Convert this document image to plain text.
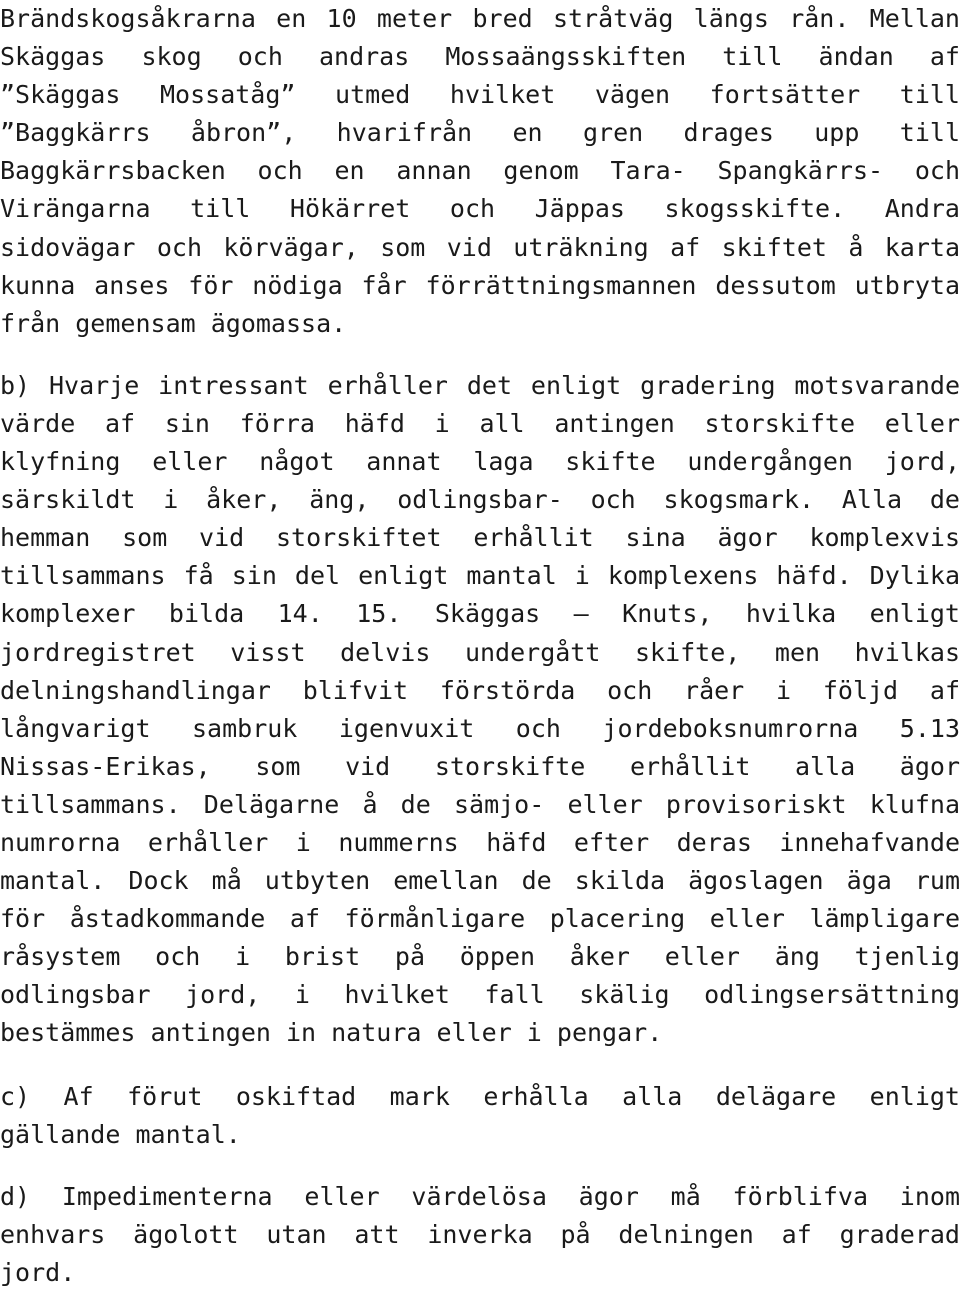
Brändskogsåkrarna en 10 meter bred stråtväg längs rån. Mellan
Skäggas skog och andras Mossaängsskiften till ändan af
”Skäggas Mossatåg” utmed hvilket vägen fortsätter till
”Baggkärrs åbron”, hvarifrån en gren drages upp till
Baggkärrsbacken och en annan genom Tara- Spangkärrs- och
Virängarna till Hökärret och Jäppas skogsskifte. Andra
sidovägar och körvägar, som vid uträkning af skiftet å karta
kunna anses för nödiga får förrättningsmannen dessutom utbryta
från gemensam ägomassa.
b) Hvarje intressant erhåller det enligt gradering motsvarande
värde af sin förra häfd i all antingen storskifte eller
klyfning eller något annat laga skifte undergången jord,
särskildt i åker, äng, odlingsbar- och skogsmark. Alla de
hemman som vid storskiftet erhållit sina ägor komplexvis
tillsammans få sin del enligt mantal i komplexens häfd. Dylika
komplexer bilda 14. 15. Skäggas — Knuts, hvilka enligt
jordregistret visst delvis undergått skifte, men hvilkas
delningshandlingar blifvit förstörda och råer i följd af
långvarigt sambruk igenvuxit och jordeboksnumrorna 5.13
Nissas-Erikas, som vid storskifte erhållit alla ägor
tillsammans. Delägarne å de sämjo- eller provisoriskt klufna
numrorna erhåller i nummerns häfd efter deras innehafvande
mantal. Dock må utbyten emellan de skilda ägoslagen äga rum
för åstadkommande af förmånligare placering eller lämpligare
råsystem och i brist på öppen åker eller äng tjenlig
odlingsbar jord, i hvilket fall skälig odlingsersättning
bestämmes antingen in natura eller i pengar.
c) Af förut oskiftad mark erhålla alla delägare enligt
gällande mantal.
d) Impedimenterna eller värdelösa ägor må förblifva inom
enhvars ägolott utan att inverka på delningen af graderad
jord.
